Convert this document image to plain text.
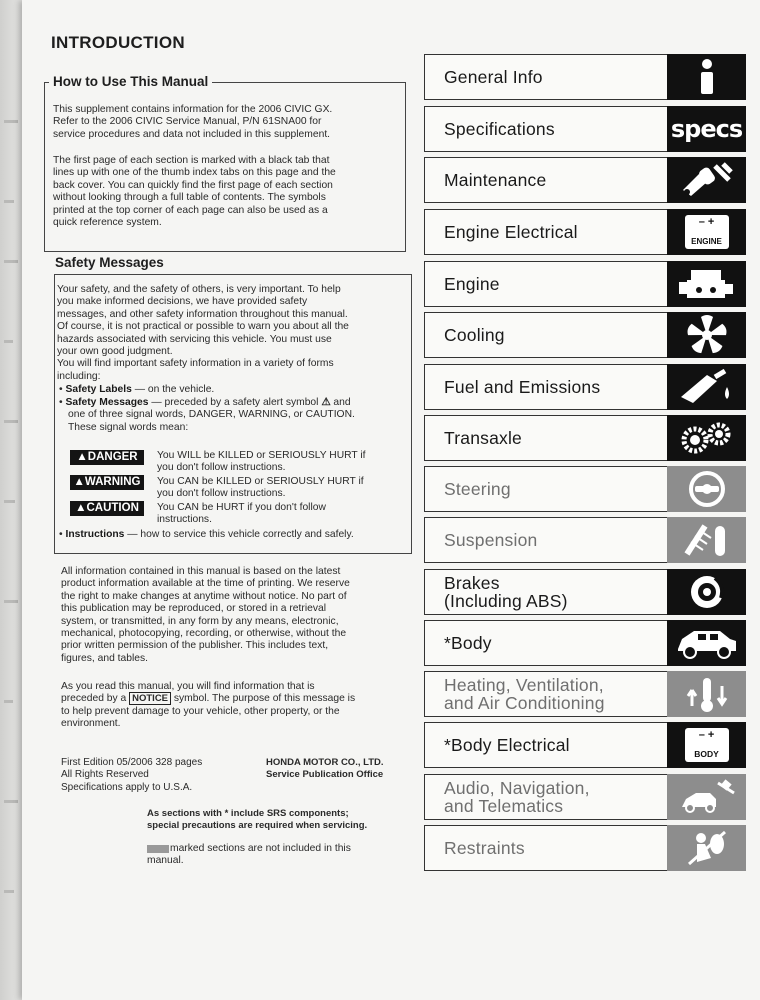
INTRODUCTION
How to Use This Manual
This supplement contains information for the 2006 CIVIC GX.
Refer to the 2006 CIVIC Service Manual, P/N 61SNA00 for
service procedures and data not included in this supplement.
The first page of each section is marked with a black tab that
lines up with one of the thumb index tabs on this page and the
back cover. You can quickly find the first page of each section
without looking through a full table of contents. The symbols
printed at the top corner of each page can also be used as a
quick reference system.
Safety Messages
Your safety, and the safety of others, is very important. To help
you make informed decisions, we have provided safety
messages, and other safety information throughout this manual.
Of course, it is not practical or possible to warn you about all the
hazards associated with servicing this vehicle. You must use
your own good judgment.
You will find important safety information in a variety of forms
including:
• Safety Labels — on the vehicle.
• Safety Messages — preceded by a safety alert symbol ⚠ and
one of three signal words, DANGER, WARNING, or CAUTION.
These signal words mean:
▲DANGER	You WILL be KILLED or SERIOUSLY HURT if
you don't follow instructions.
▲WARNING	You CAN be KILLED or SERIOUSLY HURT if
you don't follow instructions.
▲CAUTION	You CAN be HURT if you don't follow
instructions.
• Instructions — how to service this vehicle correctly and safely.
All information contained in this manual is based on the latest
product information available at the time of printing. We reserve
the right to make changes at anytime without notice. No part of
this publication may be reproduced, or stored in a retrieval
system, or transmitted, in any form by any means, electronic,
mechanical, photocopying, recording, or otherwise, without the
prior written permission of the publisher. This includes text,
figures, and tables.
As you read this manual, you will find information that is
preceded by a NOTICE symbol. The purpose of this message is
to help prevent damage to your vehicle, other property, or the
environment.
First Edition 05/2006 328 pages
All Rights Reserved
Specifications apply to U.S.A.
HONDA MOTOR CO., LTD.
Service Publication Office
As sections with * include SRS components;
special precautions are required when servicing.
marked sections are not included in this
manual.
General Info
Specifications	specs
Maintenance
Engine Electrical	– +
ENGINE
Engine
Cooling
Fuel and Emissions
Transaxle
Steering
Suspension
Brakes
(Including ABS)
*Body
Heating, Ventilation,
and Air Conditioning
*Body Electrical	– +
BODY
Audio, Navigation,
and Telematics
Restraints
